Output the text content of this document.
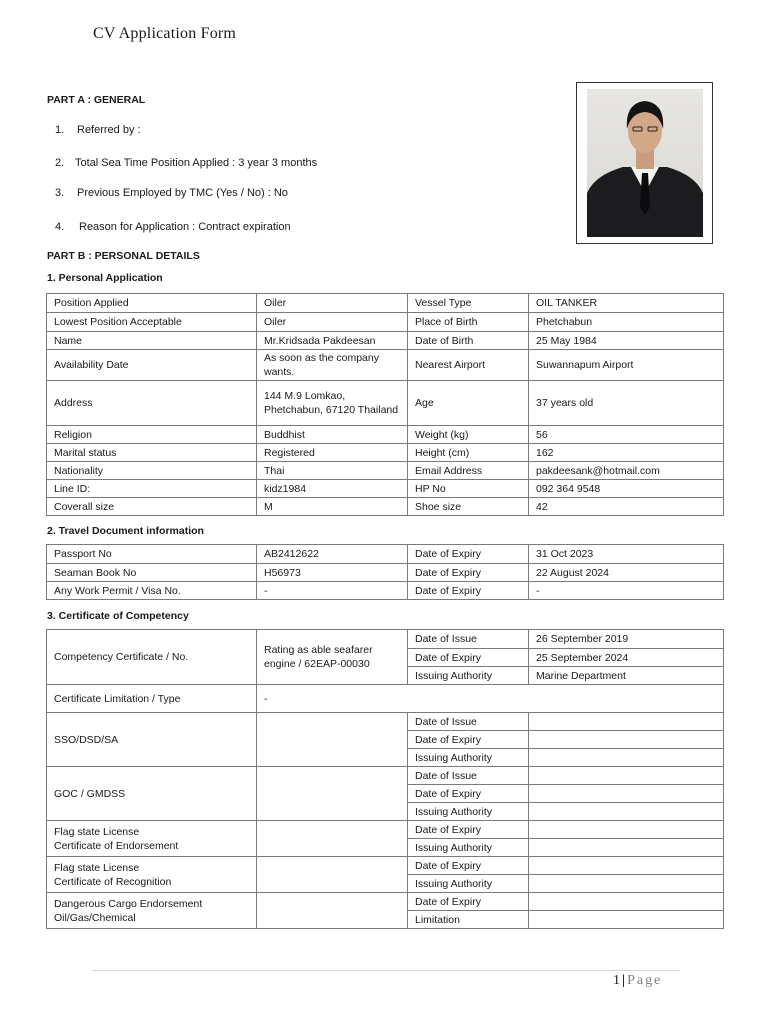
CV Application Form
PART A : GENERAL
1. Referred by :
2. Total Sea Time Position Applied : 3 year 3 months
3. Previous Employed by TMC (Yes / No) : No
4. Reason for Application : Contract expiration
PART B : PERSONAL DETAILS
1. Personal Application
Position Applied	Oiler	Vessel Type	OIL TANKER
Lowest Position Acceptable	Oiler	Place of Birth	Phetchabun
Name	Mr.Kridsada Pakdeesan	Date of Birth	25 May 1984
Availability Date	As soon as the company wants.	Nearest Airport	Suwannapum Airport
Address	144 M.9 Lomkao, Phetchabun, 67120 Thailand	Age	37 years old
Religion	Buddhist	Weight (kg)	56
Marital status	Registered	Height (cm)	162
Nationality	Thai	Email Address	pakdeesank@hotmail.com
Line ID:	kidz1984	HP No	092 364 9548
Coverall size	M	Shoe size	42
2. Travel Document information
Passport No	AB2412622	Date of Expiry	31 Oct 2023
Seaman Book No	H56973	Date of Expiry	22 August 2024
Any Work Permit / Visa No.	-	Date of Expiry	-
3. Certificate of Competency
Competency Certificate / No.	Rating as able seafarer engine / 62EAP-00030	Date of Issue	26 September 2019
		Date of Expiry	25 September 2024
		Issuing Authority	Marine Department
Certificate Limitation / Type	-		
SSO/DSD/SA		Date of Issue	
		Date of Expiry	
		Issuing Authority	
GOC / GMDSS		Date of Issue	
		Date of Expiry	
		Issuing Authority	
Flag state License
Certificate of Endorsement		Date of Expiry	
		Issuing Authority	
Flag state License
Certificate of Recognition		Date of Expiry	
		Issuing Authority	
Dangerous Cargo Endorsement
Oil/Gas/Chemical		Date of Expiry	
		Limitation	
1 | Page
